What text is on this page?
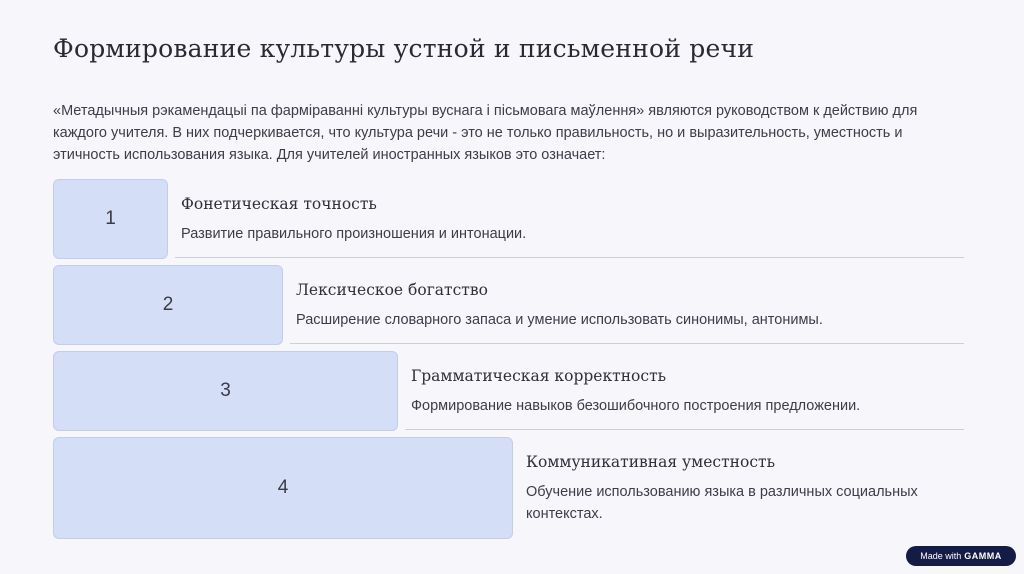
Формирование культуры устной и письменной речи
«Метадычныя рэкамендацыі па фарміраванні культуры вуснага і пісьмовага маўлення» являются руководством к действию для каждого учителя. В них подчеркивается, что культура речи - это не только правильность, но и выразительность, уместность и этичность использования языка. Для учителей иностранных языков это означает:
1
Фонетическая точность
Развитие правильного произношения и интонации.
2
Лексическое богатство
Расширение словарного запаса и умение использовать синонимы, антонимы.
3
Грамматическая корректность
Формирование навыков безошибочного построения предложении.
4
Коммуникативная уместность
Обучение использованию языка в различных социальных контекстах.
Made with GAMMA
